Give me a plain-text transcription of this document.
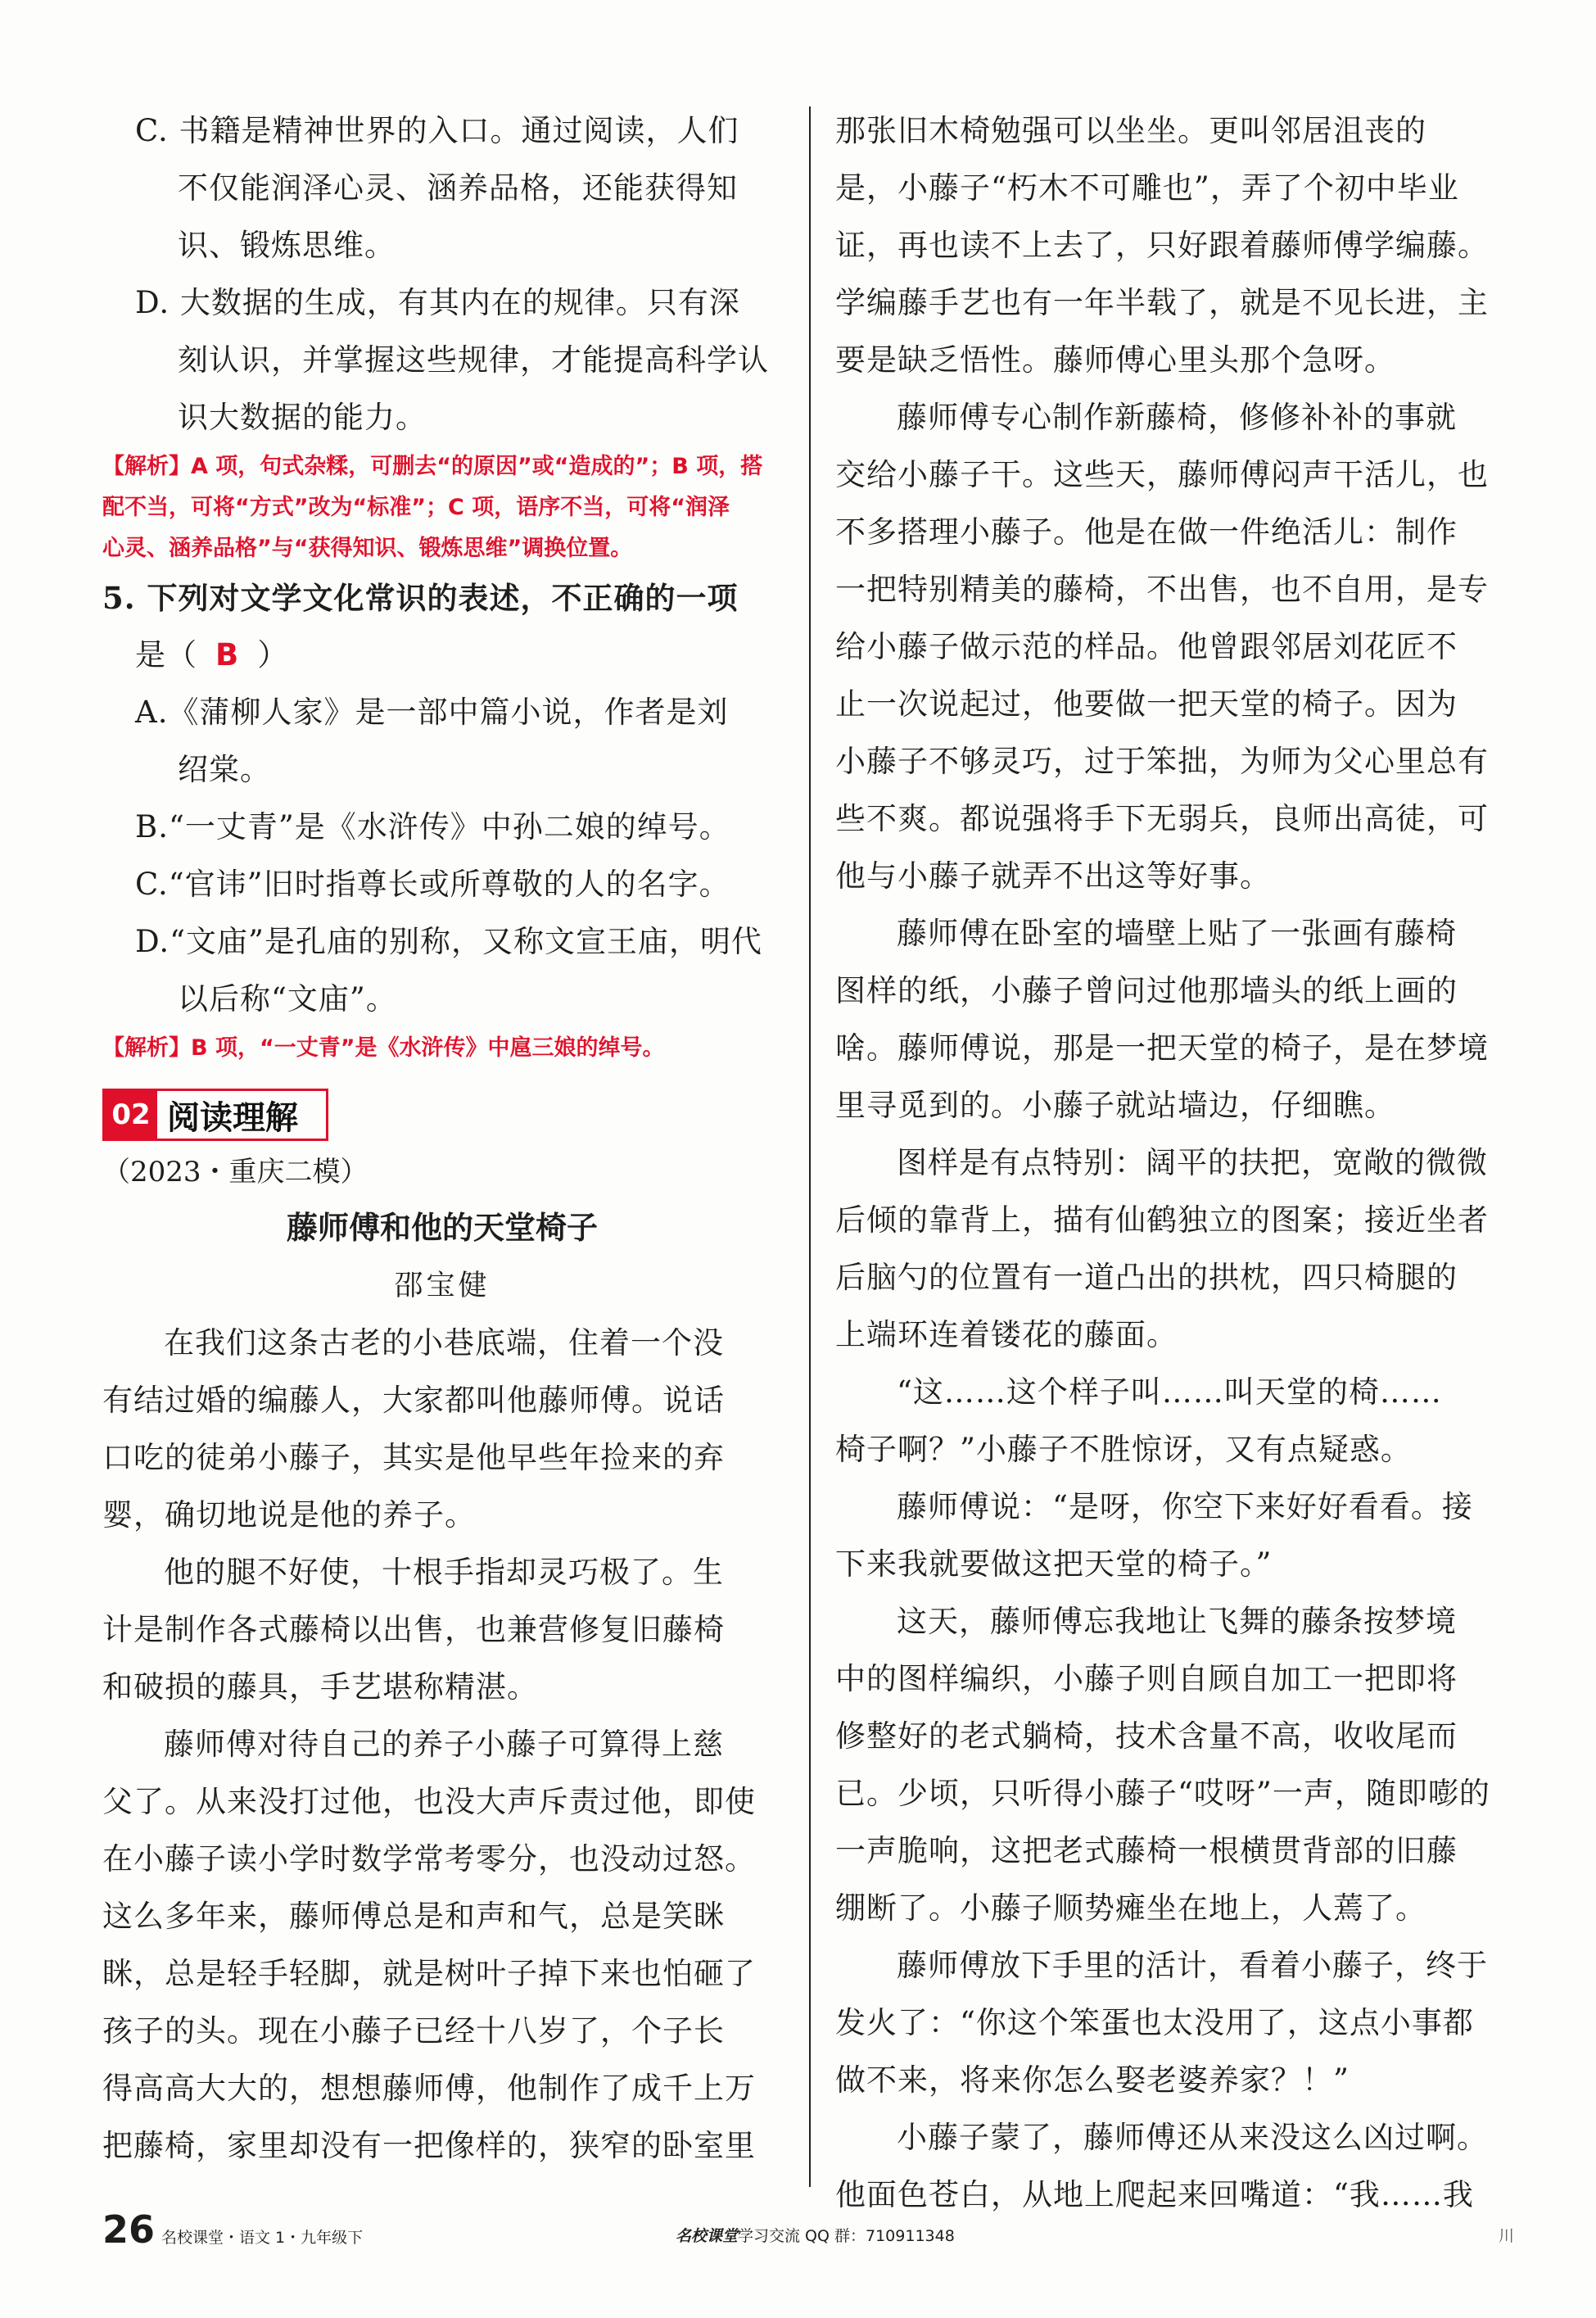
C. 书籍是精神世界的入口。通过阅读，人们
不仅能润泽心灵、涵养品格，还能获得知
识、锻炼思维。
D. 大数据的生成，有其内在的规律。只有深
刻认识，并掌握这些规律，才能提高科学认
识大数据的能力。
【解析】A 项，句式杂糅，可删去“的原因”或“造成的”；B 项，搭
配不当，可将“方式”改为“标准”；C 项，语序不当，可将“润泽
心灵、涵养品格”与“获得知识、锻炼思维”调换位置。
5. 下列对文学文化常识的表述，不正确的一项
是（ B ）
A.《蒲柳人家》是一部中篇小说，作者是刘
绍棠。
B.“一丈青”是《水浒传》中孙二娘的绰号。
C.“官讳”旧时指尊长或所尊敬的人的名字。
D.“文庙”是孔庙的别称，又称文宣王庙，明代
以后称“文庙”。
【解析】B 项，“一丈青”是《水浒传》中扈三娘的绰号。
02 阅读理解
（2023・重庆二模）
藤师傅和他的天堂椅子
邵宝健
在我们这条古老的小巷底端，住着一个没
有结过婚的编藤人，大家都叫他藤师傅。说话
口吃的徒弟小藤子，其实是他早些年捡来的弃
婴，确切地说是他的养子。
他的腿不好使，十根手指却灵巧极了。生
计是制作各式藤椅以出售，也兼营修复旧藤椅
和破损的藤具，手艺堪称精湛。
藤师傅对待自己的养子小藤子可算得上慈
父了。从来没打过他，也没大声斥责过他，即使
在小藤子读小学时数学常考零分，也没动过怒。
这么多年来，藤师傅总是和声和气，总是笑眯
眯，总是轻手轻脚，就是树叶子掉下来也怕砸了
孩子的头。现在小藤子已经十八岁了，个子长
得高高大大的，想想藤师傅，他制作了成千上万
把藤椅，家里却没有一把像样的，狭窄的卧室里
那张旧木椅勉强可以坐坐。更叫邻居沮丧的
是，小藤子“朽木不可雕也”，弄了个初中毕业
证，再也读不上去了，只好跟着藤师傅学编藤。
学编藤手艺也有一年半载了，就是不见长进，主
要是缺乏悟性。藤师傅心里头那个急呀。
藤师傅专心制作新藤椅，修修补补的事就
交给小藤子干。这些天，藤师傅闷声干活儿，也
不多搭理小藤子。他是在做一件绝活儿：制作
一把特别精美的藤椅，不出售，也不自用，是专
给小藤子做示范的样品。他曾跟邻居刘花匠不
止一次说起过，他要做一把天堂的椅子。因为
小藤子不够灵巧，过于笨拙，为师为父心里总有
些不爽。都说强将手下无弱兵，良师出高徒，可
他与小藤子就弄不出这等好事。
藤师傅在卧室的墙壁上贴了一张画有藤椅
图样的纸，小藤子曾问过他那墙头的纸上画的
啥。藤师傅说，那是一把天堂的椅子，是在梦境
里寻觅到的。小藤子就站墙边，仔细瞧。
图样是有点特别：阔平的扶把，宽敞的微微
后倾的靠背上，描有仙鹤独立的图案；接近坐者
后脑勺的位置有一道凸出的拱枕，四只椅腿的
上端环连着镂花的藤面。
“这……这个样子叫……叫天堂的椅……
椅子啊？”小藤子不胜惊讶，又有点疑惑。
藤师傅说：“是呀，你空下来好好看看。接
下来我就要做这把天堂的椅子。”
这天，藤师傅忘我地让飞舞的藤条按梦境
中的图样编织，小藤子则自顾自加工一把即将
修整好的老式躺椅，技术含量不高，收收尾而
已。少顷，只听得小藤子“哎呀”一声，随即嘭的
一声脆响，这把老式藤椅一根横贯背部的旧藤
绷断了。小藤子顺势瘫坐在地上，人蔫了。
藤师傅放下手里的活计，看着小藤子，终于
发火了：“你这个笨蛋也太没用了，这点小事都
做不来，将来你怎么娶老婆养家？！”
小藤子蒙了，藤师傅还从来没这么凶过啊。
他面色苍白，从地上爬起来回嘴道：“我……我
26 名校课堂・语文 1・九年级下	名校课堂学习交流 QQ 群：710911348	川
